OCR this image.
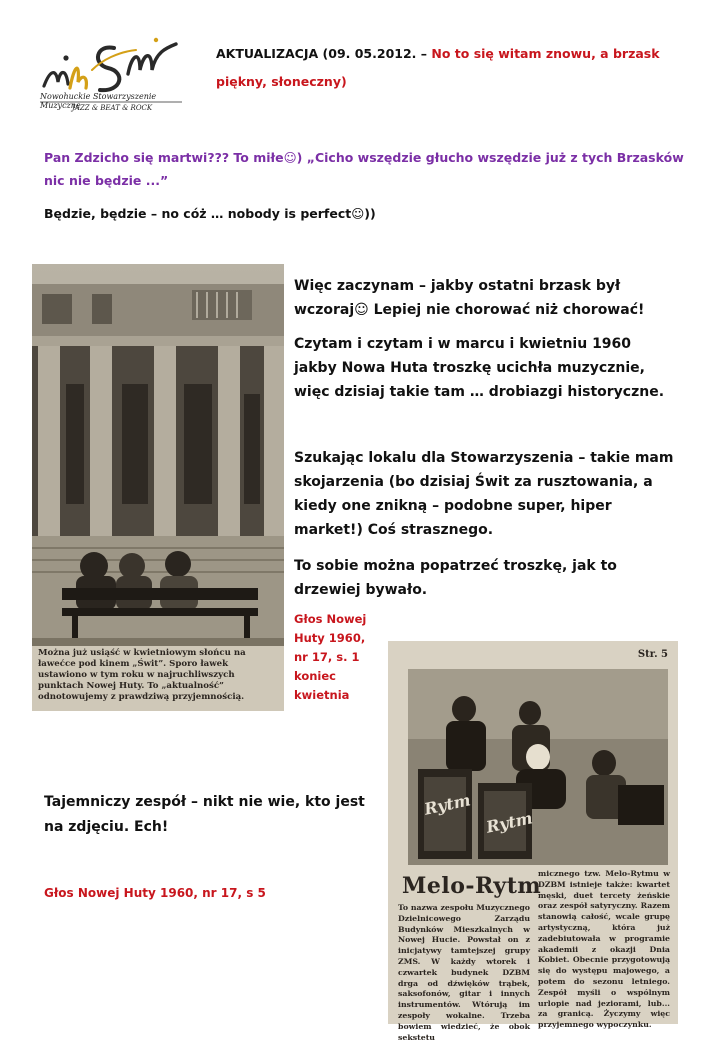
Nowohuckie Stowarzyszenie Muzyczne
JAZZ & BEAT & ROCK
AKTUALIZACJA (09. 05.2012. – No to się witam znowu, a brzask
piękny, słoneczny)
Pan Zdzicho się martwi??? To miłe☺) „Cicho wszędzie głucho wszędzie już z tych Brzasków nic nie będzie ...”
Będzie, będzie – no cóż … nobody is perfect☺))
Można już usiąść w kwietniowym słońcu na ławećce pod kinem „Świt”. Sporo ławek ustawiono w tym roku w najruchliwszych punktach Nowej Huty. To „aktualność” odnotowujemy z prawdziwą przyjemnością.
Więc zaczynam – jakby ostatni brzask był wczoraj☺ Lepiej nie chorować niż chorować!
Czytam i czytam i w marcu i kwietniu 1960 jakby Nowa Huta troszkę ucichła muzycznie, więc dzisiaj takie tam … drobiazgi historyczne.
Szukając lokalu dla Stowarzyszenia – takie mam skojarzenia (bo dzisiaj Świt za rusztowania, a kiedy one znikną – podobne super, hiper market!) Coś strasznego.
To sobie można popatrzeć troszkę, jak to drzewiej bywało.
Głos Nowej
Huty 1960,
nr 17, s. 1
koniec
kwietnia
Str. 5
Rytm
Rytm
Melo-Rytm
To nazwa zespołu Muzycznego Dzielnicowego Zarządu Budynków Mieszkalnych w Nowej Hucie. Powstał on z inicjatywy tamtejszej grupy ZMS. W każdy wtorek i czwartek budynek DZBM drga od dźwięków trąbek, saksofonów, gitar i innych instrumentów. Wtórują im zespoły wokalne. Trzeba bowiem wiedzieć, że obok sekstetu
micznego tzw. Melo-Rytmu w DZBM istnieje także: kwartet męski, duet tercety żeńskie oraz zespół satyryczny. Razem stanowią całość, wcale grupę artystyczną, która już zadebiutowała w programie akademii z okazji Dnia Kobiet. Obecnie przygotowują się do występu majowego, a potem do sezonu letniego. Zespół myśli o wspólnym urlopie nad jeziorami, lub... za granicą. Życzymy więc przyjemnego wypoczynku.
Tajemniczy zespół – nikt nie wie, kto jest na zdjęciu. Ech!
Głos Nowej Huty 1960, nr 17, s 5
